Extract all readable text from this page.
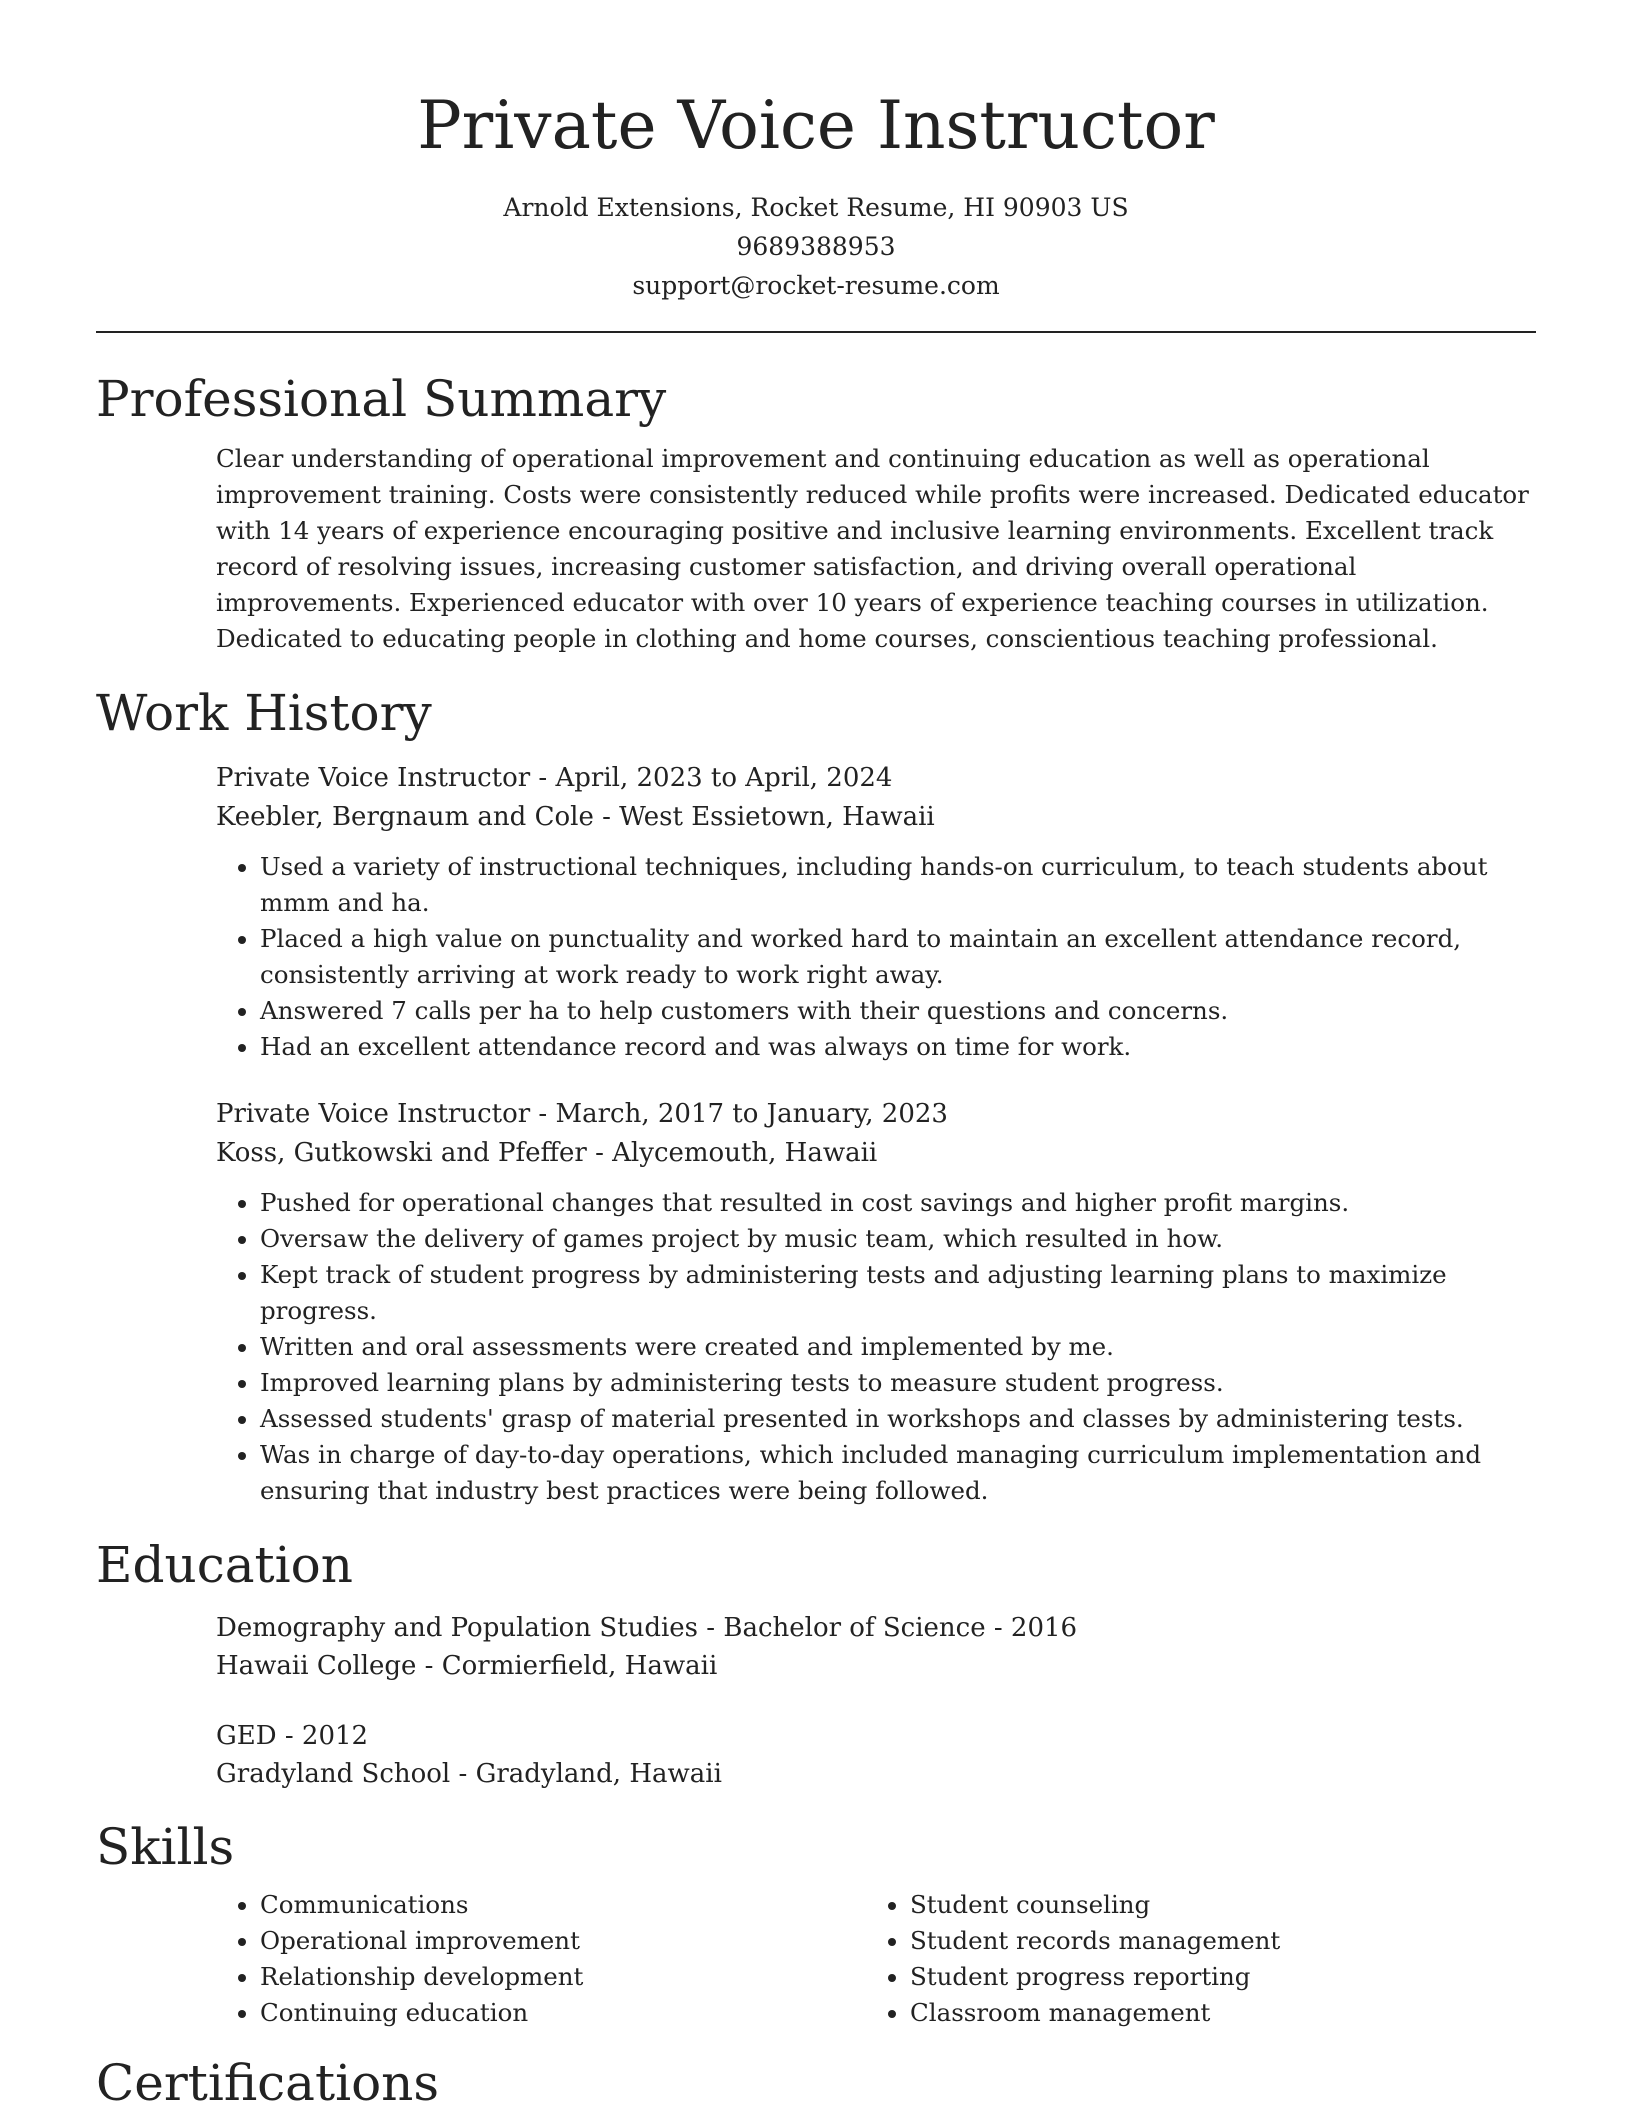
Private Voice Instructor
Arnold Extensions, Rocket Resume, HI 90903 US
9689388953
support@rocket-resume.com
Professional Summary

Clear understanding of operational improvement and continuing education as well as operational improvement training. Costs were consistently reduced while profits were increased. Dedicated educator with 14 years of experience encouraging positive and inclusive learning environments. Excellent track record of resolving issues, increasing customer satisfaction, and driving overall operational improvements. Experienced educator with over 10 years of experience teaching courses in utilization. Dedicated to educating people in clothing and home courses, conscientious teaching professional.

Work History

Private Voice Instructor - April, 2023 to April, 2024

Keebler, Bergnaum and Cole - West Essietown, Hawaii

• Used a variety of instructional techniques, including hands-on curriculum, to teach students about mmm and ha.
• Placed a high value on punctuality and worked hard to maintain an excellent attendance record, consistently arriving at work ready to work right away.
• Answered 7 calls per ha to help customers with their questions and concerns.
• Had an excellent attendance record and was always on time for work.

Private Voice Instructor - March, 2017 to January, 2023

Koss, Gutkowski and Pfeffer - Alycemouth, Hawaii

• Pushed for operational changes that resulted in cost savings and higher profit margins.
• Oversaw the delivery of games project by music team, which resulted in how.
• Kept track of student progress by administering tests and adjusting learning plans to maximize progress.
• Written and oral assessments were created and implemented by me.
• Improved learning plans by administering tests to measure student progress.
• Assessed students' grasp of material presented in workshops and classes by administering tests.
• Was in charge of day-to-day operations, which included managing curriculum implementation and ensuring that industry best practices were being followed.
Education

Demography and Population Studies - Bachelor of Science - 2016

Hawaii College - Cormierfield, Hawaii

GED - 2012

Gradyland School - Gradyland, Hawaii

Skills
• Communications
• Operational improvement
• Relationship development
• Continuing education
• Student counseling
• Student records management
• Student progress reporting
• Classroom management
Certifications
